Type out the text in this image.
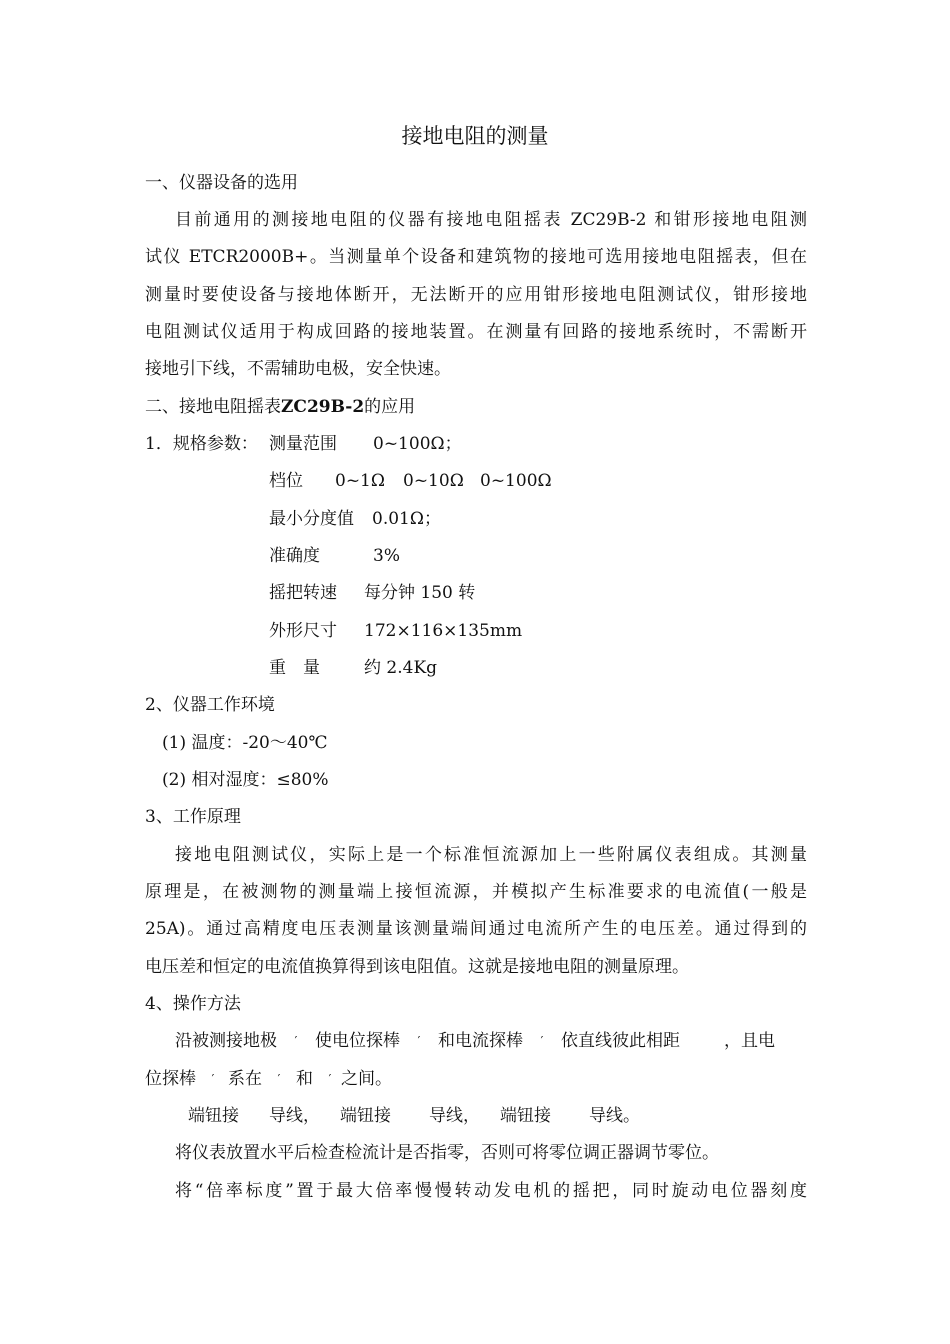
接地电阻的测量
一、仪器设备的选用
目前通用的测接地电阻的仪器有接地电阻摇表 ZC29B-2 和钳形接地电阻测
试仪 ETCR2000B+。当测量单个设备和建筑物的接地可选用接地电阻摇表，但在
测量时要使设备与接地体断开，无法断开的应用钳形接地电阻测试仪，钳形接地
电阻测试仪适用于构成回路的接地装置。在测量有回路的接地系统时，不需断开
接地引下线，不需辅助电极，安全快速。
二、接地电阻摇表ZC29B-2的应用
1．规格参数： 测量范围 0~100Ω；
档位 0~1Ω 0~10Ω 0~100Ω
最小分度值 0.01Ω；
准确度	3%
摇把转速 每分钟 150 转
外形尺寸 172×116×135mm
重　量	约 2.4Kg
2、仪器工作环境
(1) 温度：-20～40℃
(2) 相对湿度：≤80%
3、工作原理
接地电阻测试仪，实际上是一个标准恒流源加上一些附属仪表组成。其测量
原理是，在被测物的测量端上接恒流源，并模拟产生标准要求的电流值(一般是
25A)。通过高精度电压表测量该测量端间通过电流所产生的电压差。通过得到的
电压差和恒定的电流值换算得到该电阻值。这就是接地电阻的测量原理。
4、操作方法
沿被测接地极 ′ 使电位探棒 ′ 和电流探棒 ′ 依直线彼此相距	，且电
位探棒 ′ 系在 ′ 和 ′ 之间。
端钮接 导线， 端钮接 导线， 端钮接 导线。
将仪表放置水平后检查检流计是否指零，否则可将零位调正器调节零位。
将“倍率标度”置于最大倍率慢慢转动发电机的摇把，同时旋动电位器刻度
